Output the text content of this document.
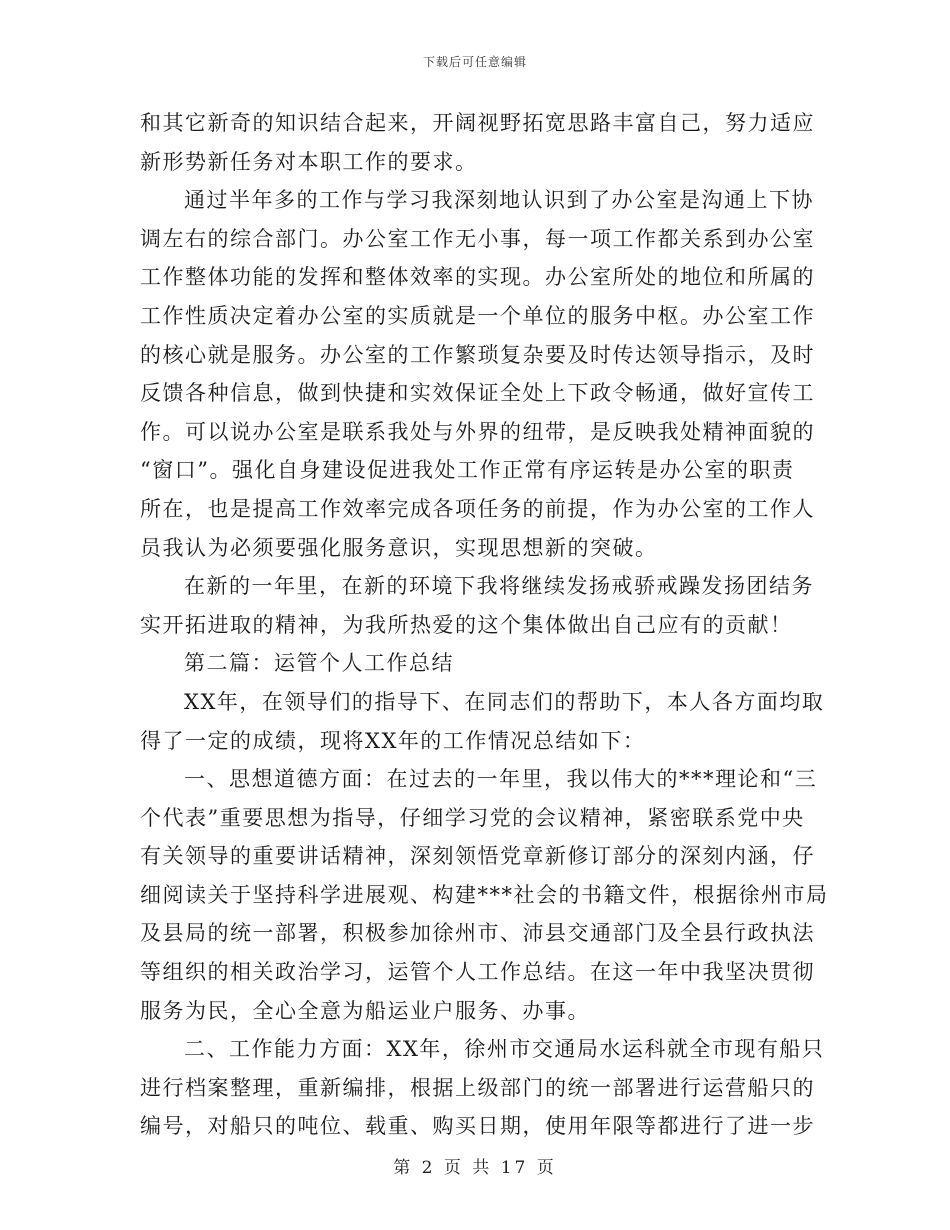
下载后可任意编辑
和其它新奇的知识结合起来，开阔视野拓宽思路丰富自己，努力适应
新形势新任务对本职工作的要求。
通过半年多的工作与学习我深刻地认识到了办公室是沟通上下协
调左右的综合部门。办公室工作无小事，每一项工作都关系到办公室
工作整体功能的发挥和整体效率的实现。办公室所处的地位和所属的
工作性质决定着办公室的实质就是一个单位的服务中枢。办公室工作
的核心就是服务。办公室的工作繁琐复杂要及时传达领导指示，及时
反馈各种信息，做到快捷和实效保证全处上下政令畅通，做好宣传工
作。可以说办公室是联系我处与外界的纽带，是反映我处精神面貌的
“窗口”。强化自身建设促进我处工作正常有序运转是办公室的职责
所在，也是提高工作效率完成各项任务的前提，作为办公室的工作人
员我认为必须要强化服务意识，实现思想新的突破。
在新的一年里，在新的环境下我将继续发扬戒骄戒躁发扬团结务
实开拓进取的精神，为我所热爱的这个集体做出自己应有的贡献！
第二篇：运管个人工作总结
XX年，在领导们的指导下、在同志们的帮助下，本人各方面均取
得了一定的成绩，现将XX年的工作情况总结如下：
一、思想道德方面：在过去的一年里，我以伟大的***理论和“三
个代表”重要思想为指导，仔细学习党的会议精神，紧密联系党中央
有关领导的重要讲话精神，深刻领悟党章新修订部分的深刻内涵，仔
细阅读关于坚持科学进展观、构建***社会的书籍文件，根据徐州市局
及县局的统一部署，积极参加徐州市、沛县交通部门及全县行政执法
等组织的相关政治学习，运管个人工作总结。在这一年中我坚决贯彻
服务为民，全心全意为船运业户服务、办事。
二、工作能力方面：XX年，徐州市交通局水运科就全市现有船只
进行档案整理，重新编排，根据上级部门的统一部署进行运营船只的
编号，对船只的吨位、载重、购买日期，使用年限等都进行了进一步
第 2 页 共 17 页
